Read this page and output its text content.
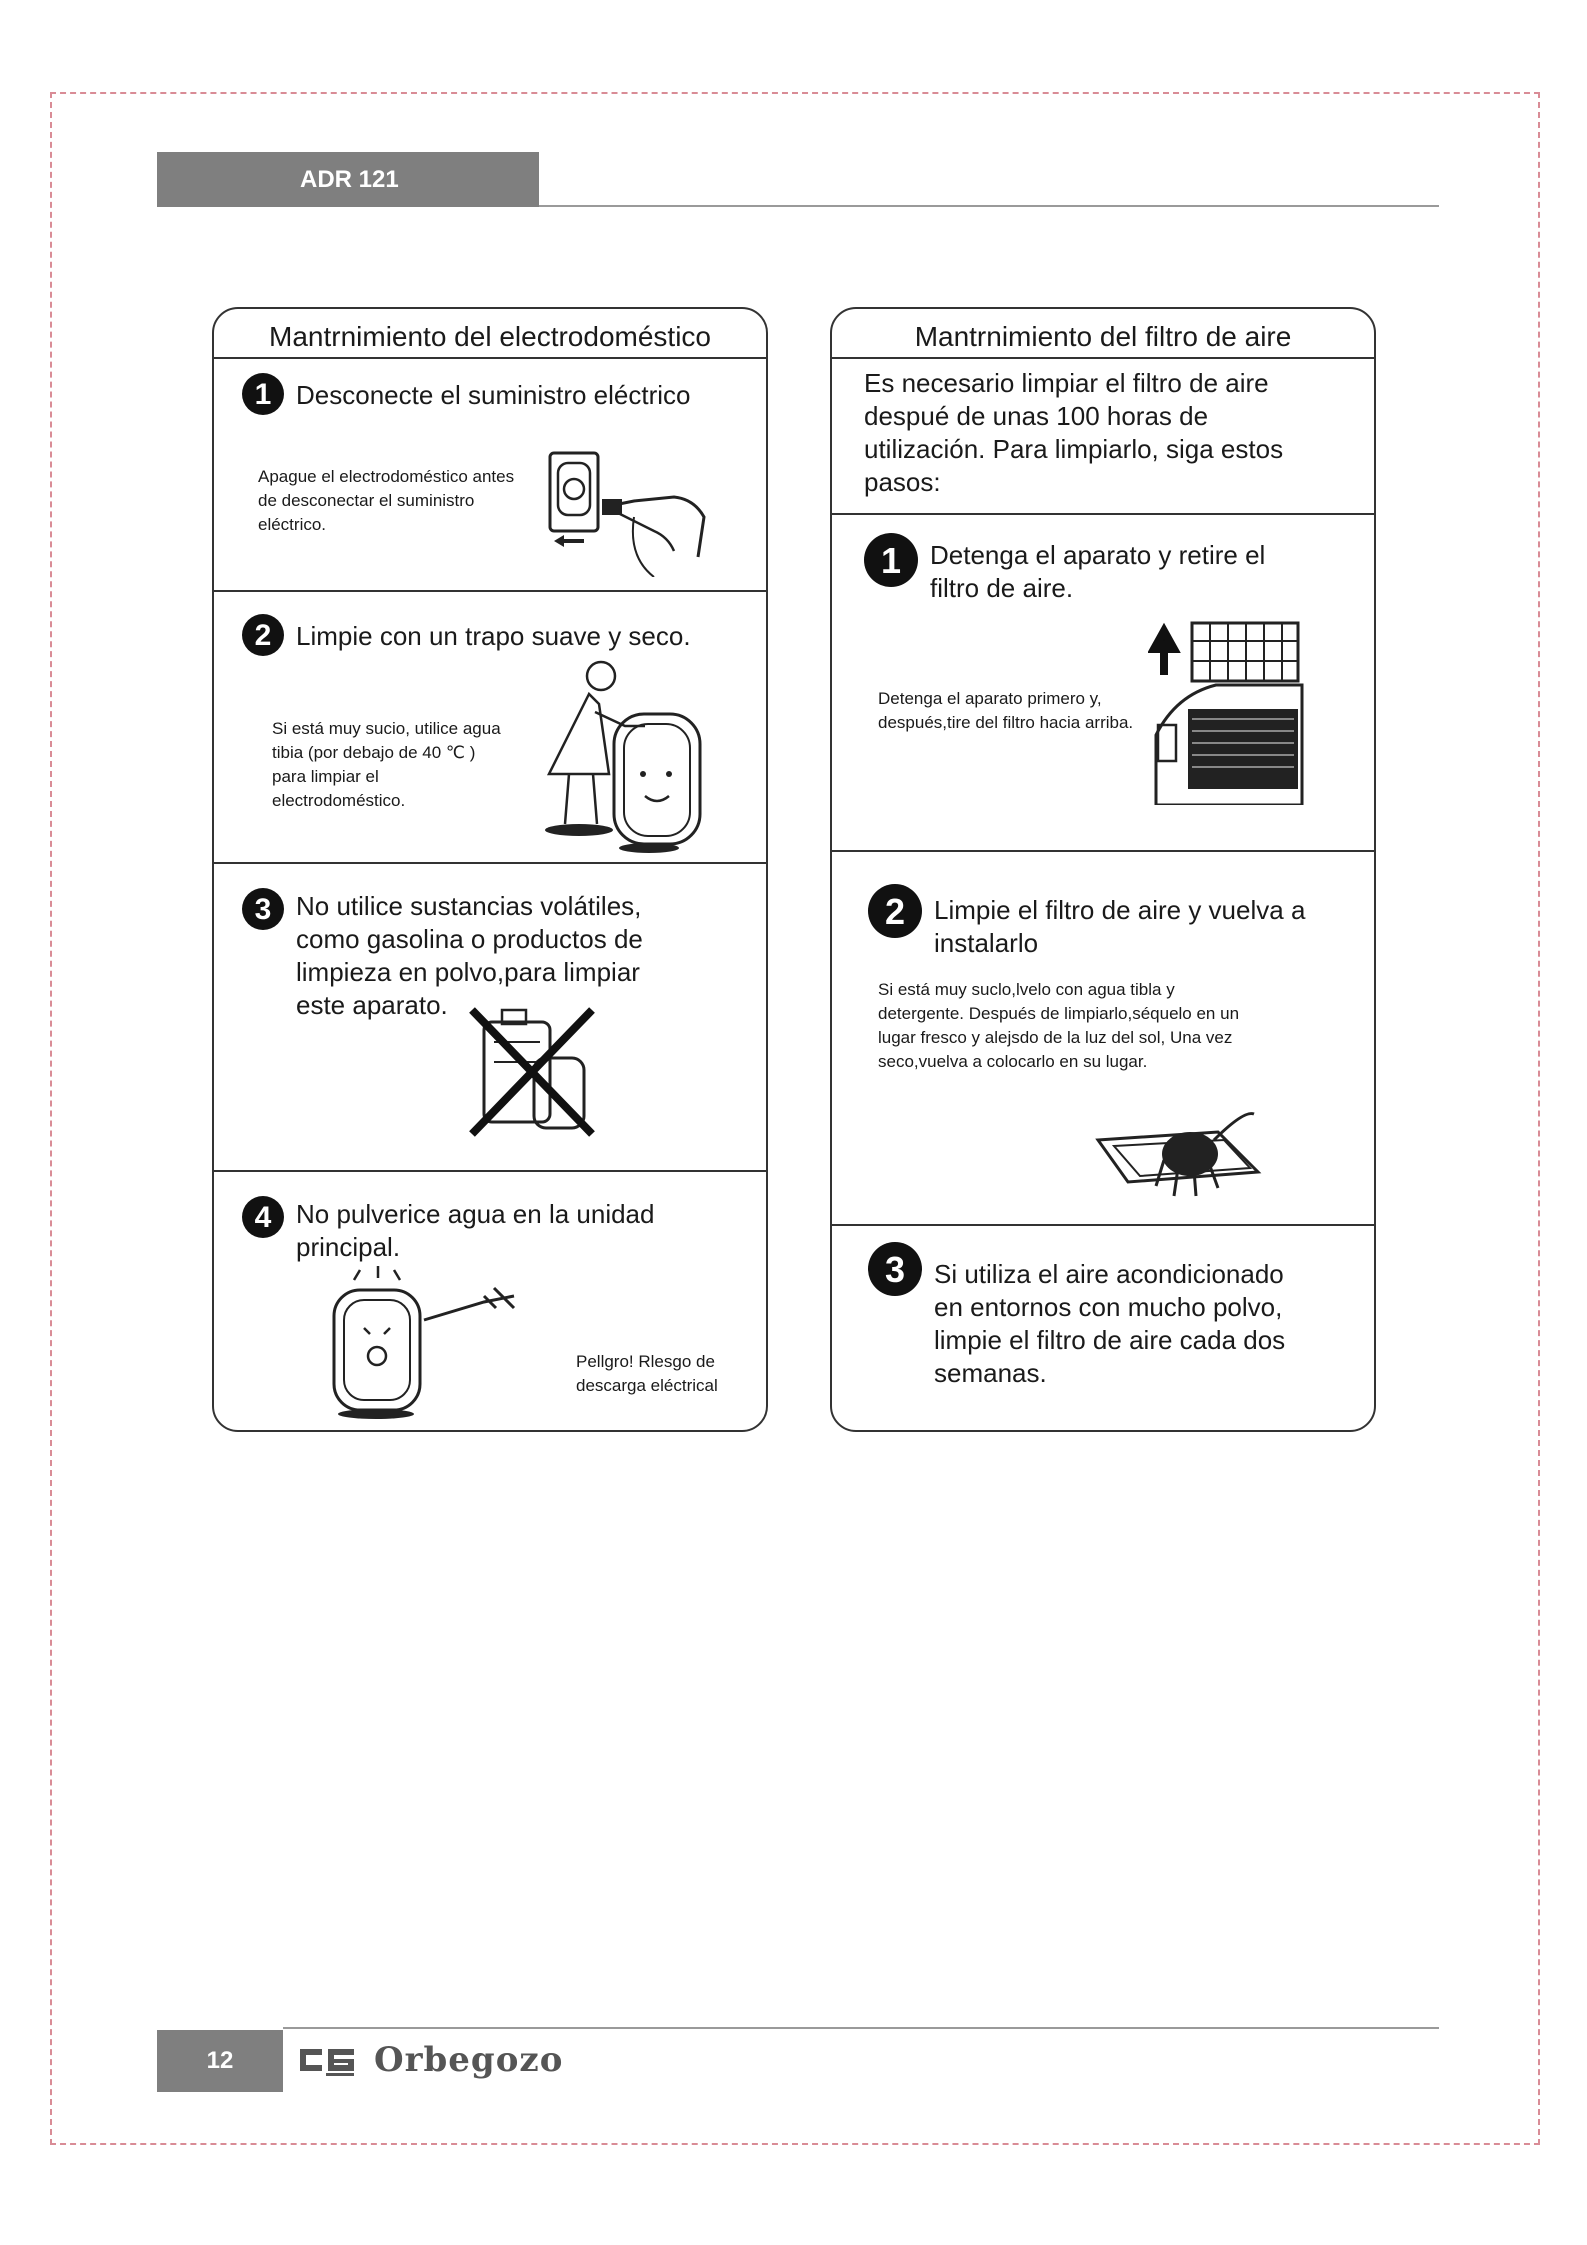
ADR 121
Mantrnimiento del electrodoméstico
1 Desconecte el suministro eléctrico
Apague el electrodoméstico antes de desconectar el suministro eléctrico.
2 Limpie con un trapo suave y seco.
Si está muy sucio, utilice agua tibia (por debajo de 40 ℃ ) para limpiar el electrodoméstico.
3 No utilice sustancias volátiles, como gasolina o productos de limpieza en polvo,para limpiar este aparato.
4 No pulverice agua en la unidad principal.
Pellgro! Rlesgo de descarga eléctrical
Mantrnimiento del filtro de aire
Es necesario limpiar el filtro de aire despué de unas 100 horas de utilización. Para limpiarlo, siga estos pasos:
1	Detenga el aparato y retire el filtro de aire.
Detenga el aparato primero y, después,tire del filtro hacia arriba.
2	Limpie el filtro de aire y vuelva a instalarlo
Si está muy suclo,lvelo con agua tibla y detergente. Después de limpiarlo,séquelo en un lugar fresco y alejsdo de la luz del sol, Una vez seco,vuelva a colocarlo en su lugar.
3	Si utiliza el aire acondicionado en entornos con mucho polvo, limpie el filtro de aire cada dos semanas.
12	Orbegozo
